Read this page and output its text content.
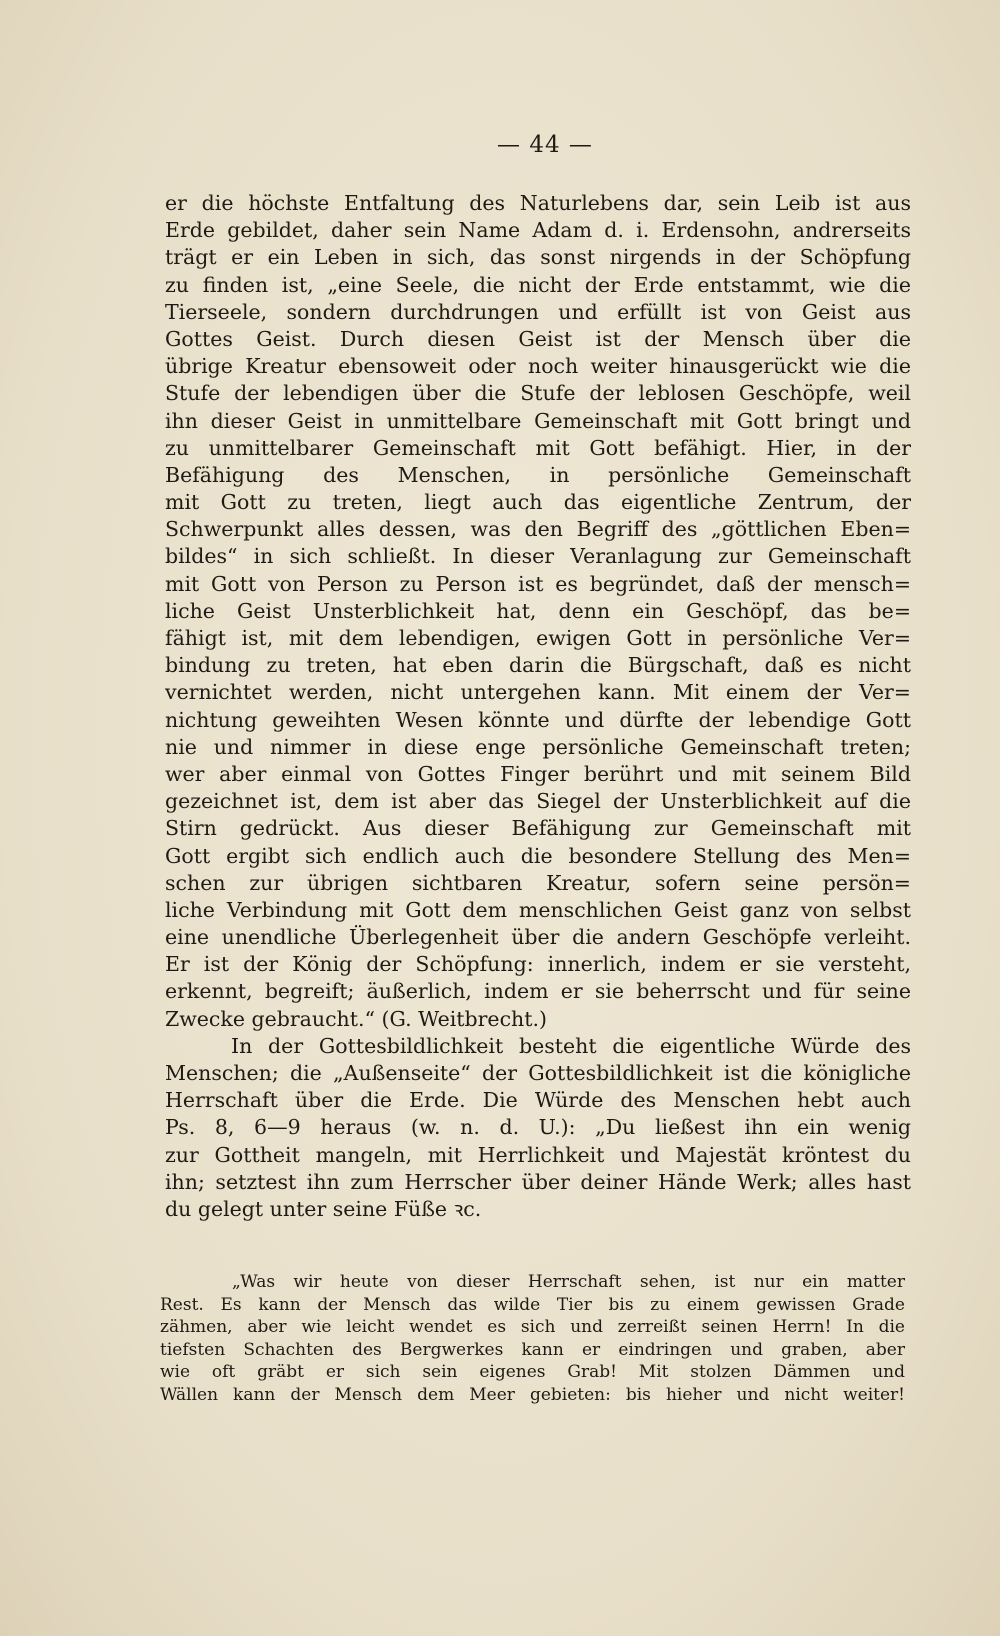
— 44 —
er die höchste Entfaltung des Naturlebens dar, sein Leib ist aus
Erde gebildet, daher sein Name Adam d. i. Erdensohn, andrerseits
trägt er ein Leben in sich, das sonst nirgends in der Schöpfung
zu finden ist, „eine Seele, die nicht der Erde entstammt, wie die
Tierseele, sondern durchdrungen und erfüllt ist von Geist aus
Gottes Geist. Durch diesen Geist ist der Mensch über die
übrige Kreatur ebensoweit oder noch weiter hinausgerückt wie die
Stufe der lebendigen über die Stufe der leblosen Geschöpfe, weil
ihn dieser Geist in unmittelbare Gemeinschaft mit Gott bringt und
zu unmittelbarer Gemeinschaft mit Gott befähigt. Hier, in der
Befähigung des Menschen, in persönliche Gemeinschaft
mit Gott zu treten, liegt auch das eigentliche Zentrum, der
Schwerpunkt alles dessen, was den Begriff des „göttlichen Eben=
bildes“ in sich schließt. In dieser Veranlagung zur Gemeinschaft
mit Gott von Person zu Person ist es begründet, daß der mensch=
liche Geist Unsterblichkeit hat, denn ein Geschöpf, das be=
fähigt ist, mit dem lebendigen, ewigen Gott in persönliche Ver=
bindung zu treten, hat eben darin die Bürgschaft, daß es nicht
vernichtet werden, nicht untergehen kann. Mit einem der Ver=
nichtung geweihten Wesen könnte und dürfte der lebendige Gott
nie und nimmer in diese enge persönliche Gemeinschaft treten;
wer aber einmal von Gottes Finger berührt und mit seinem Bild
gezeichnet ist, dem ist aber das Siegel der Unsterblichkeit auf die
Stirn gedrückt. Aus dieser Befähigung zur Gemeinschaft mit
Gott ergibt sich endlich auch die besondere Stellung des Men=
schen zur übrigen sichtbaren Kreatur, sofern seine persön=
liche Verbindung mit Gott dem menschlichen Geist ganz von selbst
eine unendliche Überlegenheit über die andern Geschöpfe verleiht.
Er ist der König der Schöpfung: innerlich, indem er sie versteht,
erkennt, begreift; äußerlich, indem er sie beherrscht und für seine
Zwecke gebraucht.“ (G. Weitbrecht.)
In der Gottesbildlichkeit besteht die eigentliche Würde des
Menschen; die „Außenseite“ der Gottesbildlichkeit ist die königliche
Herrschaft über die Erde. Die Würde des Menschen hebt auch
Ps. 8, 6—9 heraus (w. n. d. U.): „Du ließest ihn ein wenig
zur Gottheit mangeln, mit Herrlichkeit und Majestät kröntest du
ihn; setztest ihn zum Herrscher über deiner Hände Werk; alles hast
du gelegt unter seine Füße ꝛc.
„Was wir heute von dieser Herrschaft sehen, ist nur ein matter
Rest. Es kann der Mensch das wilde Tier bis zu einem gewissen Grade
zähmen, aber wie leicht wendet es sich und zerreißt seinen Herrn! In die
tiefsten Schachten des Bergwerkes kann er eindringen und graben, aber
wie oft gräbt er sich sein eigenes Grab! Mit stolzen Dämmen und
Wällen kann der Mensch dem Meer gebieten: bis hieher und nicht weiter!
